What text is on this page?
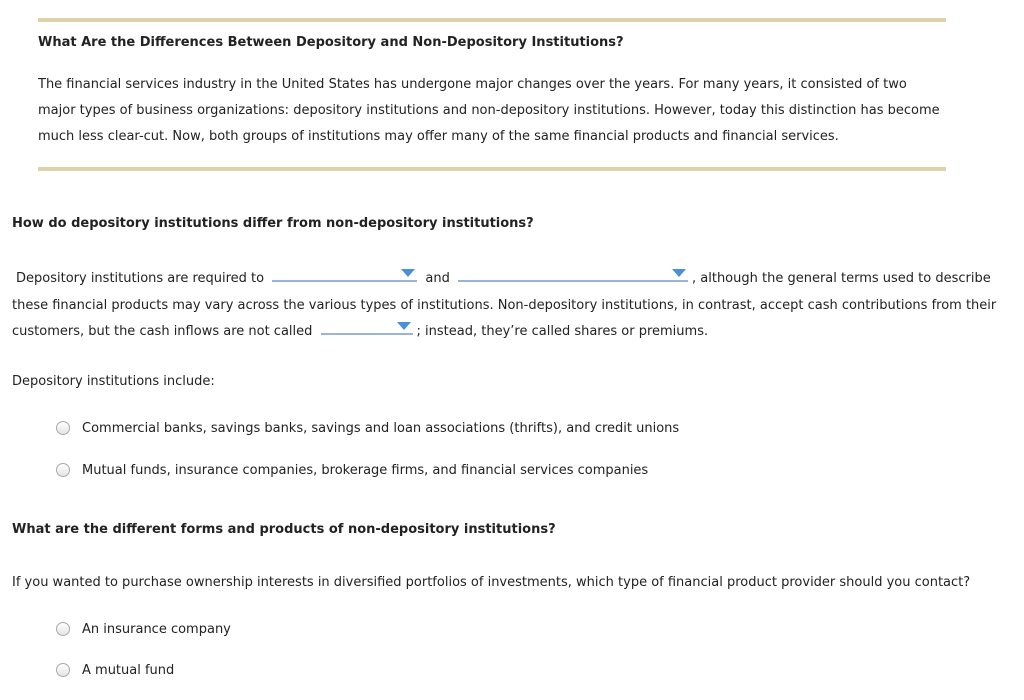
What Are the Differences Between Depository and Non-Depository Institutions?
The financial services industry in the United States has undergone major changes over the years. For many years, it consisted of two major types of business organizations: depository institutions and non-depository institutions. However, today this distinction has become much less clear-cut. Now, both groups of institutions may offer many of the same financial products and financial services.
How do depository institutions differ from non-depository institutions?
Depository institutions are required to	and	, although the general terms used to describe these financial products may vary across the various types of institutions. Non-depository institutions, in contrast, accept cash contributions from their customers, but the cash inflows are not called	; instead, they’re called shares or premiums.
Depository institutions include:
Commercial banks, savings banks, savings and loan associations (thrifts), and credit unions
Mutual funds, insurance companies, brokerage firms, and financial services companies
What are the different forms and products of non-depository institutions?
If you wanted to purchase ownership interests in diversified portfolios of investments, which type of financial product provider should you contact?
An insurance company
A mutual fund
